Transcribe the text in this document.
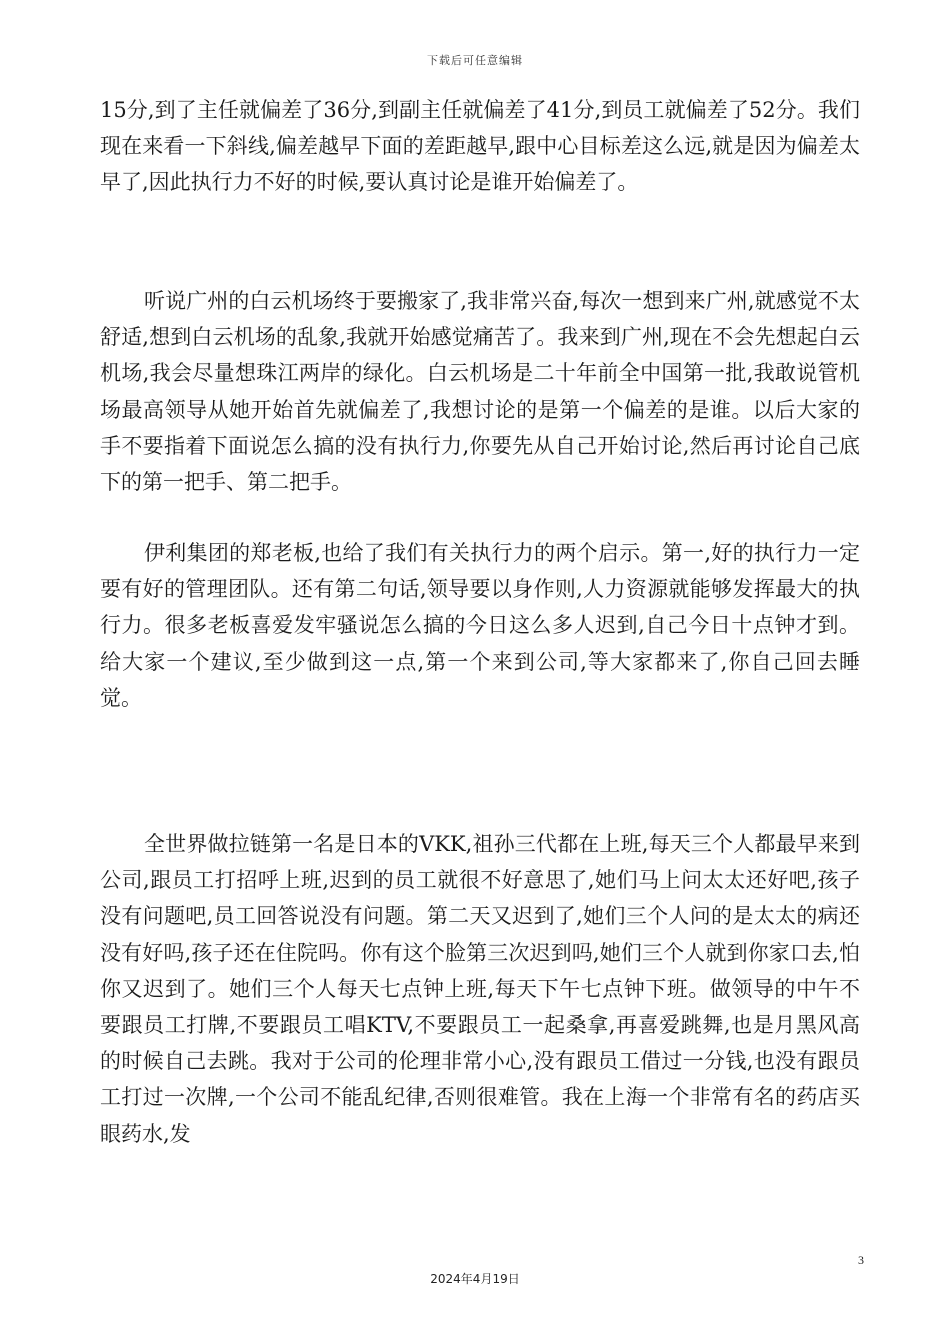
下载后可任意编辑

15分,到了主任就偏差了36分,到副主任就偏差了41分,到员工就偏差了52分。我们现在来看一下斜线,偏差越早下面的差距越早,跟中心目标差这么远,就是因为偏差太早了,因此执行力不好的时候,要认真讨论是谁开始偏差了。

听说广州的白云机场终于要搬家了,我非常兴奋,每次一想到来广州,就感觉不太舒适,想到白云机场的乱象,我就开始感觉痛苦了。我来到广州,现在不会先想起白云机场,我会尽量想珠江两岸的绿化。白云机场是二十年前全中国第一批,我敢说管机场最高领导从她开始首先就偏差了,我想讨论的是第一个偏差的是谁。以后大家的手不要指着下面说怎么搞的没有执行力,你要先从自己开始讨论,然后再讨论自己底下的第一把手、第二把手。

伊利集团的郑老板,也给了我们有关执行力的两个启示。第一,好的执行力一定要有好的管理团队。还有第二句话,领导要以身作则,人力资源就能够发挥最大的执行力。很多老板喜爱发牢骚说怎么搞的今日这么多人迟到,自己今日十点钟才到。给大家一个建议,至少做到这一点,第一个来到公司,等大家都来了,你自己回去睡觉。

全世界做拉链第一名是日本的VKK,祖孙三代都在上班,每天三个人都最早来到公司,跟员工打招呼上班,迟到的员工就很不好意思了,她们马上问太太还好吧,孩子没有问题吧,员工回答说没有问题。第二天又迟到了,她们三个人问的是太太的病还没有好吗,孩子还在住院吗。你有这个脸第三次迟到吗,她们三个人就到你家口去,怕你又迟到了。她们三个人每天七点钟上班,每天下午七点钟下班。做领导的中午不要跟员工打牌,不要跟员工唱KTV,不要跟员工一起桑拿,再喜爱跳舞,也是月黑风高的时候自己去跳。我对于公司的伦理非常小心,没有跟员工借过一分钱,也没有跟员工打过一次牌,一个公司不能乱纪律,否则很难管。我在上海一个非常有名的药店买眼药水,发

3
2024年4月19日
